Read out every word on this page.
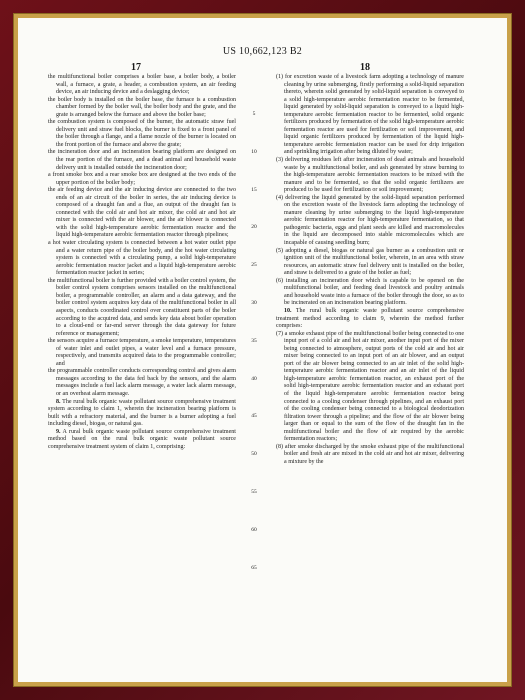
US 10,662,123 B2
17	18

the multifunctional boiler comprises a boiler base, a boiler body, a boiler wall, a furnace, a grate, a header, a combustion system, an air feeding device, an air inducing device and a deslagging device;

the boiler body is installed on the boiler base, the furnace is a combustion chamber formed by the boiler wall, the boiler body and the grate, and the grate is arranged below the furnace and above the boiler base;

the combustion system is composed of the burner, the automatic straw fuel delivery unit and straw fuel blocks, the burner is fixed to a front panel of the boiler through a flange, and a flame nozzle of the burner is located on the front portion of the furnace and above the grate;

the incineration door and an incineration bearing platform are designed on the rear portion of the furnace, and a dead animal and household waste delivery unit is installed outside the incineration door;

a front smoke box and a rear smoke box are designed at the two ends of the upper portion of the boiler body;

the air feeding device and the air inducing device are connected to the two ends of an air circuit of the boiler in series, the air inducing device is composed of a draught fan and a flue, an output of the draught fan is connected with the cold air and hot air mixer, the cold air and hot air mixer is connected with the air blower, and the air blower is connected with the solid high-temperature aerobic fermentation reactor and the liquid high-temperature aerobic fermentation reactor through pipelines;

a hot water circulating system is connected between a hot water outlet pipe and a water return pipe of the boiler body, and the hot water circulating system is connected with a circulating pump, a solid high-temperature aerobic fermentation reactor jacket and a liquid high-temperature aerobic fermentation reactor jacket in series;

the multifunctional boiler is further provided with a boiler control system, the boiler control system comprises sensors installed on the multifunctional boiler, a programmable controller, an alarm and a data gateway, and the boiler control system acquires key data of the multifunctional boiler in all aspects, conducts coordinated control over constituent parts of the boiler according to the acquired data, and sends key data about boiler operation to a cloud-end or far-end server through the data gateway for future reference or management;

the sensors acquire a furnace temperature, a smoke temperature, temperatures of water inlet and outlet pipes, a water level and a furnace pressure, respectively, and transmits acquired data to the programmable controller; and

the programmable controller conducts corresponding control and gives alarm messages according to the data fed back by the sensors, and the alarm messages include a fuel lack alarm message, a water lack alarm message, or an overheat alarm message.

8. The rural bulk organic waste pollutant source comprehensive treatment system according to claim 1, wherein the incineration bearing platform is built with a refractory material, and the burner is a burner adopting a fuel including diesel, biogas, or natural gas.

9. A rural bulk organic waste pollutant source comprehensive treatment method based on the rural bulk organic waste pollutant source comprehensive treatment system of claim 1, comprising:

5
10
15
20
25
30
35
40
45
50
55
60
65

(1) for excretion waste of a livestock farm adopting a technology of manure cleaning by urine submerging, firstly performing a solid-liquid separation thereto, wherein solid generated by solid-liquid separation is conveyed to a solid high-temperature aerobic fermentation reactor to be fermented, liquid generated by solid-liquid separation is conveyed to a liquid high-temperature aerobic fermentation reactor to be fermented, solid organic fertilizers produced by fermentation of the solid high-temperature aerobic fermentation reactor are used for fertilization or soil improvement, and liquid organic fertilizers produced by fermentation of the liquid high-temperature aerobic fermentation reactor can be used for drip irrigation and sprinkling irrigation after being diluted by water;

(3) delivering residues left after incineration of dead animals and household waste by a multifunctional boiler, and ash generated by straw burning to the high-temperature aerobic fermentation reactors to be mixed with the manure and to be fermented, so that the solid organic fertilizers are produced to be used for fertilization or soil improvement;

(4) delivering the liquid generated by the solid-liquid separation performed on the excretion waste of the livestock farm adopting the technology of manure cleaning by urine submerging to the liquid high-temperature aerobic fermentation reactor for high-temperature fermentation, so that pathogenic bacteria, eggs and plant seeds are killed and macromolecules in the liquid are decomposed into stable micromolecules which are incapable of causing seedling burn;

(5) adopting a diesel, biogas or natural gas burner as a combustion unit or ignition unit of the multifunctional boiler, wherein, in an area with straw resources, an automatic straw fuel delivery unit is installed on the boiler, and straw is delivered to a grate of the boiler as fuel;

(6) installing an incineration door which is capable to be opened on the multifunctional boiler, and feeding dead livestock and poultry animals and household waste into a furnace of the boiler through the door, so as to be incinerated on an incineration bearing platform.

10. The rural bulk organic waste pollutant source comprehensive treatment method according to claim 9, wherein the method further comprises:

(7) a smoke exhaust pipe of the multifunctional boiler being connected to one input port of a cold air and hot air mixer, another input port of the mixer being connected to atmosphere, output ports of the cold air and hot air mixer being connected to an input port of an air blower, and an output port of the air blower being connected to an air inlet of the solid high-temperature aerobic fermentation reactor and an air inlet of the liquid high-temperature aerobic fermentation reactor, an exhaust port of the solid high-temperature aerobic fermentation reactor and an exhaust port of the liquid high-temperature aerobic fermentation reactor being connected to a cooling condenser through pipelines, and an exhaust port of the cooling condenser being connected to a biological deodorization filtration tower through a pipeline; and the flow of the air blower being larger than or equal to the sum of the flow of the draught fan in the multifunctional boiler and the flow of air required by the aerobic fermentation reactors;

(8) after smoke discharged by the smoke exhaust pipe of the multifunctional boiler and fresh air are mixed in the cold air and hot air mixer, delivering a mixture by the
